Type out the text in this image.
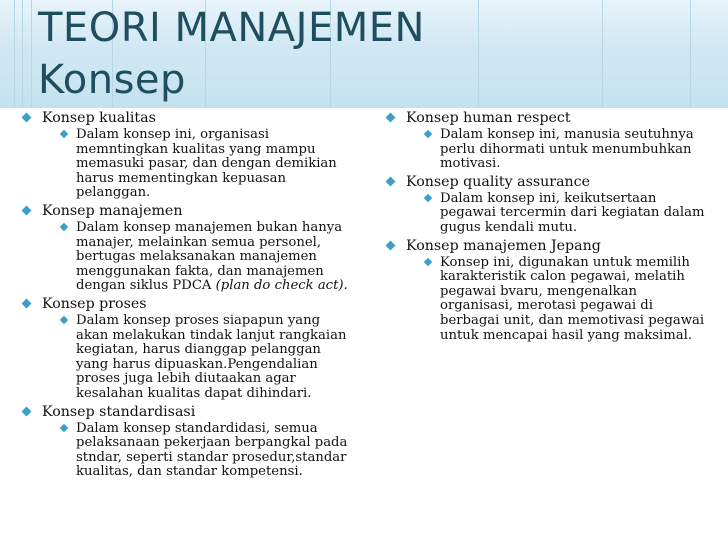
TEORI MANAJEMEN
Konsep
Konsep kualitas
Dalam konsep ini, organisasi memntingkan kualitas yang mampu memasuki pasar, dan dengan demikian harus mementingkan kepuasan pelanggan.
Konsep manajemen
Dalam konsep manajemen bukan hanya manajer, melainkan semua personel, bertugas melaksanakan manajemen menggunakan fakta, dan manajemen dengan siklus PDCA (plan do check act).
Konsep proses
Dalam konsep proses siapapun yang akan melakukan tindak lanjut rangkaian kegiatan, harus dianggap pelanggan yang harus dipuaskan.Pengendalian proses juga lebih diutaakan agar kesalahan kualitas dapat dihindari.
Konsep standardisasi
Dalam konsep standardidasi, semua pelaksanaan pekerjaan berpangkal pada stndar, seperti standar prosedur,standar kualitas, dan standar kompetensi.
Konsep human respect
Dalam konsep ini, manusia seutuhnya perlu dihormati untuk menumbuhkan motivasi.
Konsep quality assurance
Dalam konsep ini, keikutsertaan pegawai tercermin dari kegiatan dalam gugus kendali mutu.
Konsep manajemen Jepang
Konsep ini, digunakan untuk memilih karakteristik calon pegawai, melatih pegawai bvaru, mengenalkan organisasi, merotasi pegawai di berbagai unit, dan memotivasi pegawai untuk mencapai hasil yang maksimal.
